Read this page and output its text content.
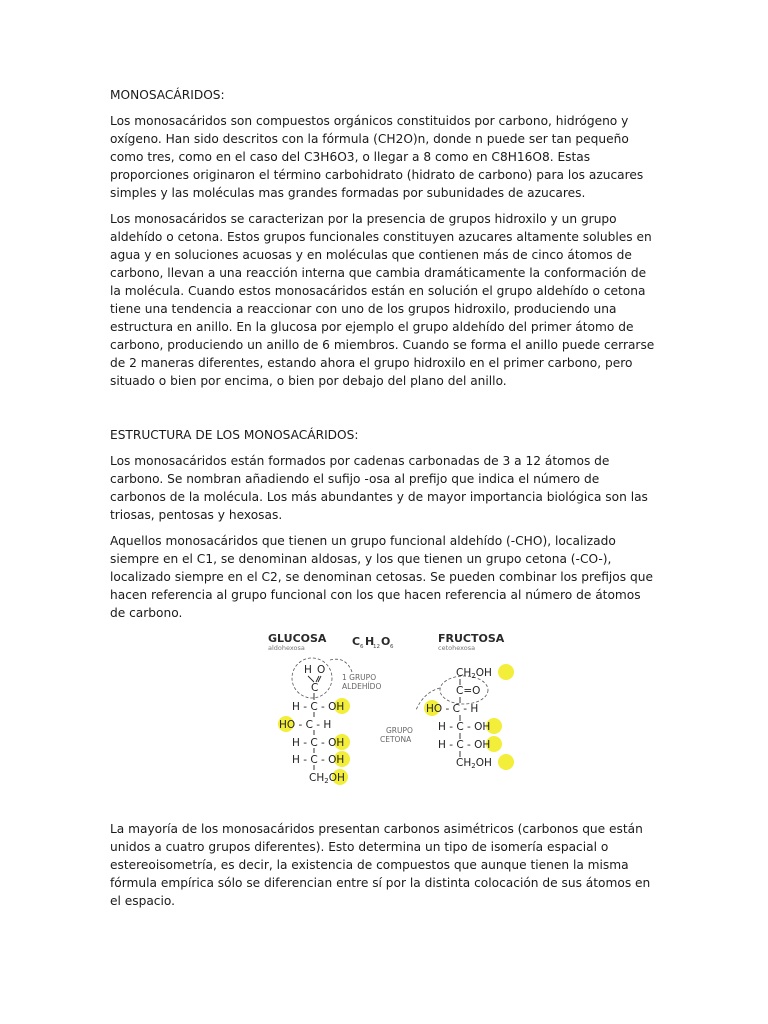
MONOSACÁRIDOS:

Los monosacáridos son compuestos orgánicos constituidos por carbono, hidrógeno y oxígeno. Han sido descritos con la fórmula (CH2O)n, donde n puede ser tan pequeño como tres, como en el caso del C3H6O3, o llegar a 8 como en C8H16O8. Estas proporciones originaron el término carbohidrato (hidrato de carbono) para los azucares simples y las moléculas mas grandes formadas por subunidades de azucares.

Los monosacáridos se caracterizan por la presencia de grupos hidroxilo y un grupo aldehído o cetona. Estos grupos funcionales constituyen azucares altamente solubles en agua y en soluciones acuosas y en moléculas que contienen más de cinco átomos de carbono, llevan a una reacción interna que cambia dramáticamente la conformación de la molécula. Cuando estos monosacáridos están en solución el grupo aldehído o cetona tiene una tendencia a reaccionar con uno de los grupos hidroxilo, produciendo una estructura en anillo. En la glucosa por ejemplo el grupo aldehído del primer átomo de carbono, produciendo un anillo de 6 miembros. Cuando se forma el anillo puede cerrarse de 2 maneras diferentes, estando ahora el grupo hidroxilo en el primer carbono, pero situado o bien por encima, o bien por debajo del plano del anillo.

ESTRUCTURA DE LOS MONOSACÁRIDOS:

Los monosacáridos están formados por cadenas carbonadas de 3 a 12 átomos de carbono. Se nombran añadiendo el sufijo -osa al prefijo que indica el número de carbonos de la molécula. Los más abundantes y de mayor importancia biológica son las triosas, pentosas y hexosas.

Aquellos monosacáridos que tienen un grupo funcional aldehído (-CHO), localizado siempre en el C1, se denominan aldosas, y los que tienen un grupo cetona (-CO-), localizado siempre en el C2, se denominan cetosas. Se pueden combinar los prefijos que hacen referencia al grupo funcional con los que hacen referencia al número de átomos de carbono.

GLUCOSA
aldohexosa
FRUCTOSA
cetohexosa
C 6 H
12 O 6
1 GRUPO
ALDEHÍDO
H O
C
H - C - OH
HO - C - H
H - C - OH
H - C - OH
CH2OH
GRUPO
CETONA
CH2OH
C=O
HO - C - H
H - C - OH
H - C - OH
CH2OH

La mayoría de los monosacáridos presentan carbonos asimétricos (carbonos que están unidos a cuatro grupos diferentes). Esto determina un tipo de isomería espacial o estereoisometría, es decir, la existencia de compuestos que aunque tienen la misma fórmula empírica sólo se diferencian entre sí por la distinta colocación de sus átomos en el espacio.
